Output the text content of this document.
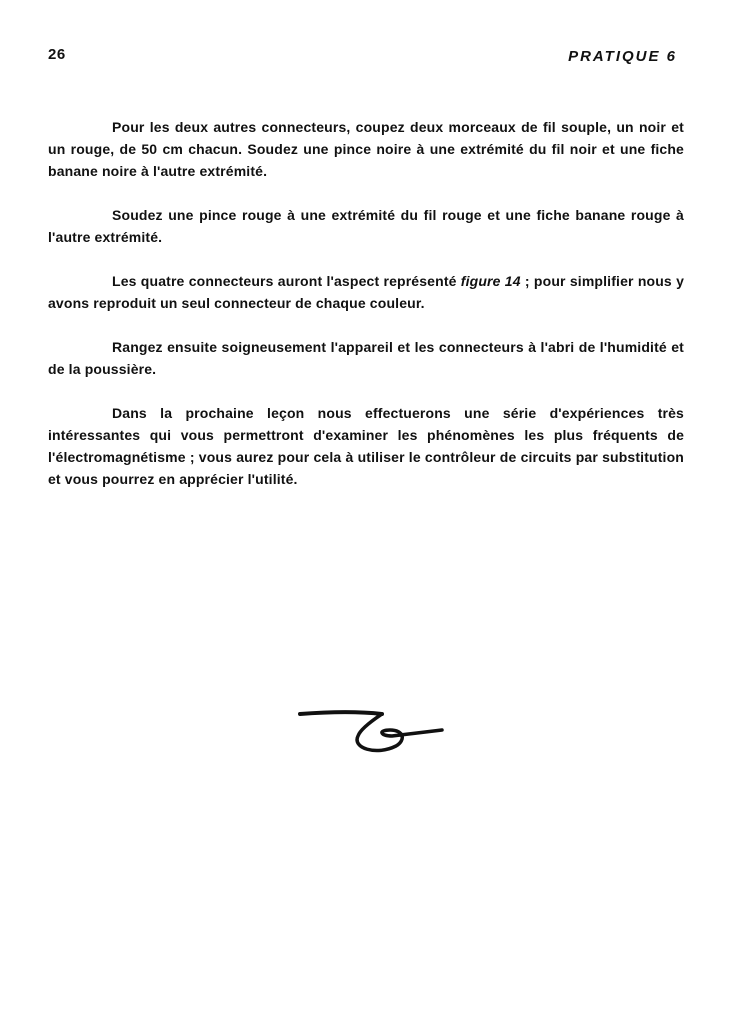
26	PRATIQUE 6

Pour les deux autres connecteurs, coupez deux morceaux de fil souple, un noir et un rouge, de 50 cm chacun. Soudez une pince noire à une extrémité du fil noir et une fiche banane noire à l'autre extrémité.

Soudez une pince rouge à une extrémité du fil rouge et une fiche banane rouge à l'autre extrémité.

Les quatre connecteurs auront l'aspect représenté figure 14 ; pour simplifier nous y avons reproduit un seul connecteur de chaque couleur.

Rangez ensuite soigneusement l'appareil et les connecteurs à l'abri de l'humidité et de la poussière.

Dans la prochaine leçon nous effectuerons une série d'expériences très intéressantes qui vous permettront d'examiner les phénomènes les plus fréquents de l'électromagnétisme ; vous aurez pour cela à utiliser le contrôleur de circuits par substitution et vous pourrez en apprécier l'utilité.
